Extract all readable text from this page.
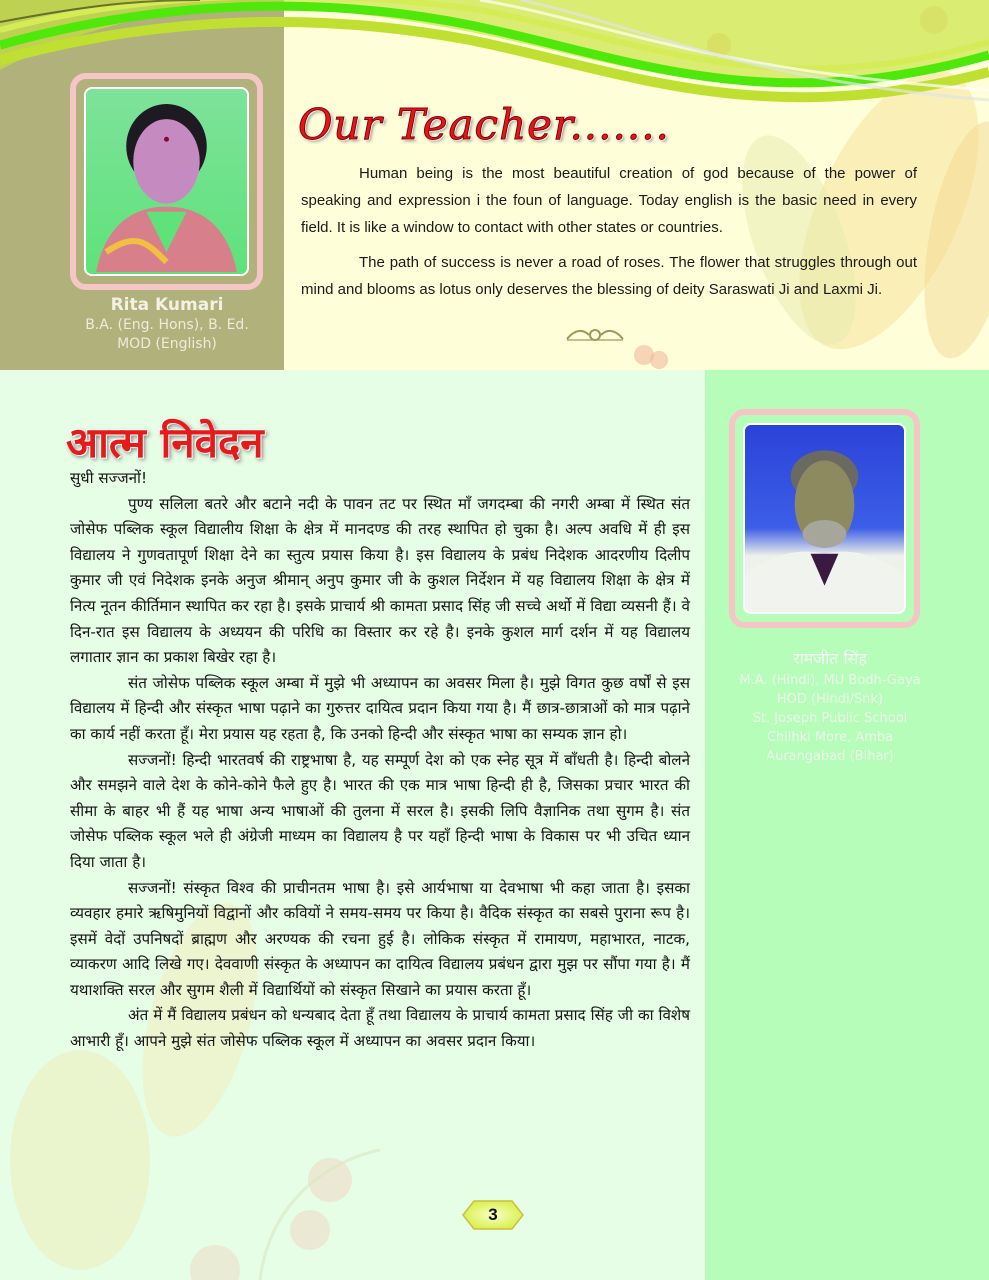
Rita Kumari
B.A. (Eng. Hons), B. Ed.
MOD (English)
Our Teacher.......

Human being is the most beautiful creation of god because of the power of speaking and expression i the foun of language. Today english is the basic need in every field. It is like a window to contact with other states or countries.

The path of success is never a road of roses. The flower that struggles through out mind and blooms as lotus only deserves the blessing of deity Saraswati Ji and Laxmi Ji.

रामजीत सिंह
M.A. (Hindi), MU Bodh-Gaya
HOD (Hindi/Snk)
St. Joseph Public School
Chilhki More, Amba
Aurangabad (Bihar)
आत्म निवेदन

सुधी सज्जनों!

पुण्य सलिला बतरे और बटाने नदी के पावन तट पर स्थित माँ जगदम्बा की नगरी अम्बा में स्थित संत जोसेफ पब्लिक स्कूल विद्यालीय शिक्षा के क्षेत्र में मानदण्ड की तरह स्थापित हो चुका है। अल्प अवधि में ही इस विद्यालय ने गुणवतापूर्ण शिक्षा देने का स्तुत्य प्रयास किया है। इस विद्यालय के प्रबंध निदेशक आदरणीय दिलीप कुमार जी एवं निदेशक इनके अनुज श्रीमान् अनुप कुमार जी के कुशल निर्देशन में यह विद्यालय शिक्षा के क्षेत्र में नित्य नूतन कीर्तिमान स्थापित कर रहा है। इसके प्राचार्य श्री कामता प्रसाद सिंह जी सच्चे अर्थो में विद्या व्यसनी हैं। वे दिन-रात इस विद्यालय के अध्ययन की परिधि का विस्तार कर रहे है। इनके कुशल मार्ग दर्शन में यह विद्यालय लगातार ज्ञान का प्रकाश बिखेर रहा है।

संत जोसेफ पब्लिक स्कूल अम्बा में मुझे भी अध्यापन का अवसर मिला है। मुझे विगत कुछ वर्षों से इस विद्यालय में हिन्दी और संस्कृत भाषा पढ़ाने का गुरुत्तर दायित्व प्रदान किया गया है। मैं छात्र-छात्राओं को मात्र पढ़ाने का कार्य नहीं करता हूँ। मेरा प्रयास यह रहता है, कि उनको हिन्दी और संस्कृत भाषा का सम्यक ज्ञान हो।

सज्जनों! हिन्दी भारतवर्ष की राष्ट्रभाषा है, यह सम्पूर्ण देश को एक स्नेह सूत्र में बाँधती है। हिन्दी बोलने और समझने वाले देश के कोने-कोने फैले हुए है। भारत की एक मात्र भाषा हिन्दी ही है, जिसका प्रचार भारत की सीमा के बाहर भी हैं यह भाषा अन्य भाषाओं की तुलना में सरल है। इसकी लिपि वैज्ञानिक तथा सुगम है। संत जोसेफ पब्लिक स्कूल भले ही अंग्रेजी माध्यम का विद्यालय है पर यहाँ हिन्दी भाषा के विकास पर भी उचित ध्यान दिया जाता है।

सज्जनों! संस्कृत विश्व की प्राचीनतम भाषा है। इसे आर्यभाषा या देवभाषा भी कहा जाता है। इसका व्यवहार हमारे ऋषिमुनियों विद्वानों और कवियों ने समय-समय पर किया है। वैदिक संस्कृत का सबसे पुराना रूप है। इसमें वेदों उपनिषदों ब्राह्मण और अरण्यक की रचना हुई है। लोकिक संस्कृत में रामायण, महाभारत, नाटक, व्याकरण आदि लिखे गए। देववाणी संस्कृत के अध्यापन का दायित्व विद्यालय प्रबंधन द्वारा मुझ पर सौंपा गया है। मैं यथाशक्ति सरल और सुगम शैली में विद्यार्थियों को संस्कृत सिखाने का प्रयास करता हूँ।

अंत में मैं विद्यालय प्रबंधन को धन्यबाद देता हूँ तथा विद्यालय के प्राचार्य कामता प्रसाद सिंह जी का विशेष आभारी हूँ। आपने मुझे संत जोसेफ पब्लिक स्कूल में अध्यापन का अवसर प्रदान किया।

3
